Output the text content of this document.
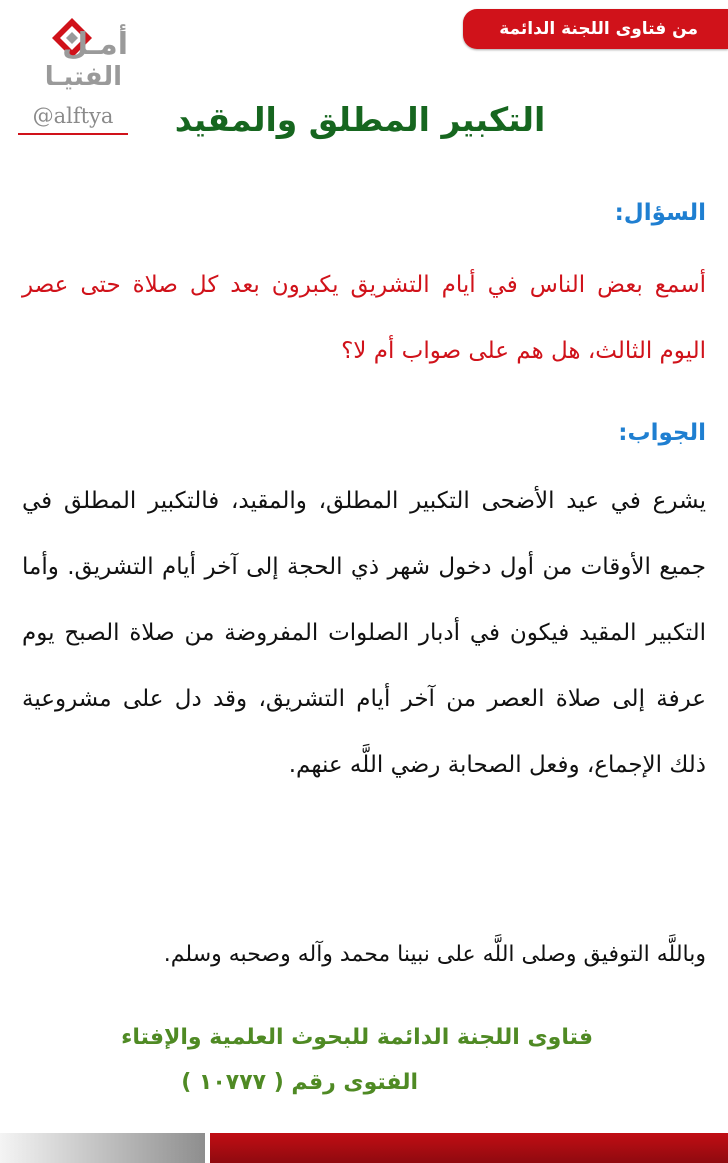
من فتاوى اللجنة الدائمة
أمـل
الفتيـا
@alftya	التكبير المطلق والمقيد
السؤال:
أسمع بعض الناس في أيام التشريق يكبرون بعد كل صلاة حتى عصر اليوم الثالث، هل هم على صواب أم لا؟
الجواب:
يشرع في عيد الأضحى التكبير المطلق، والمقيد، فالتكبير المطلق في جميع الأوقات من أول دخول شهر ذي الحجة إلى آخر أيام التشريق. وأما التكبير المقيد فيكون في أدبار الصلوات المفروضة من صلاة الصبح يوم عرفة إلى صلاة العصر من آخر أيام التشريق، وقد دل على مشروعية ذلك الإجماع، وفعل الصحابة رضي اللَّه عنهم.
وباللَّه التوفيق وصلى اللَّه على نبينا محمد وآله وصحبه وسلم.
فتاوى اللجنة الدائمة للبحوث العلمية والإفتاء
الفتوى رقم ( ١٠٧٧٧ )
